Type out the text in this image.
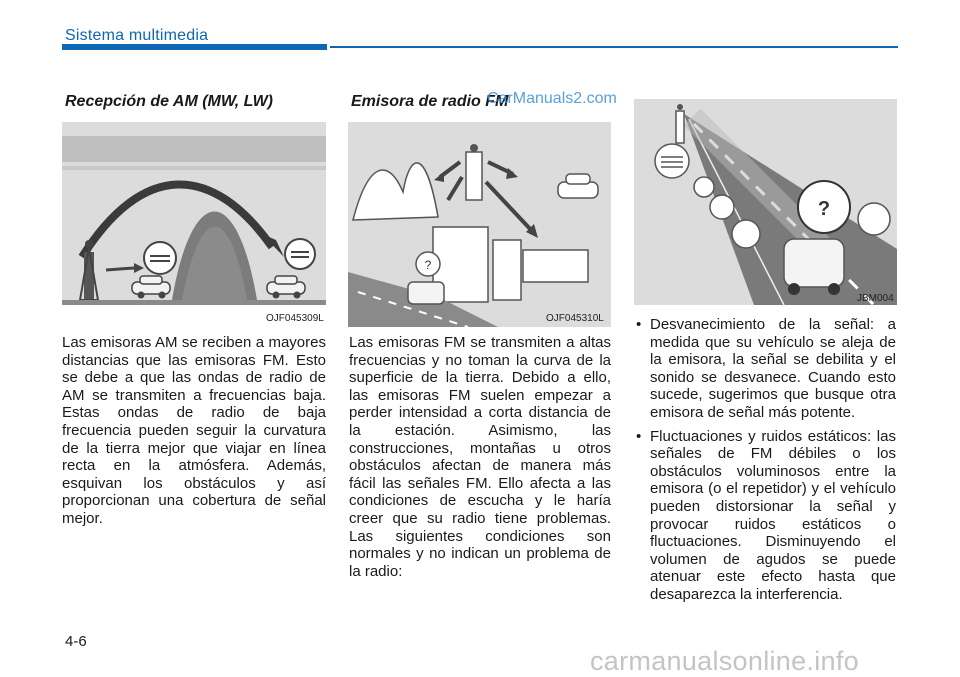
Sistema multimedia
Recepción de AM (MW, LW)
OJF045309L
Las emisoras AM se reciben a mayores distancias que las emisoras FM. Esto se debe a que las ondas de radio de AM se transmiten a frecuencias baja. Estas ondas de radio de baja frecuencia pueden seguir la curvatura de la tierra mejor que viajar en línea recta en la atmósfera. Además, esquivan los obstáculos y así proporcionan una cobertura de señal mejor.
Emisora de radio FM
CarManuals2.com
?
OJF045310L
Las emisoras FM se transmiten a altas frecuencias y no toman la curva de la superficie de la tierra. Debido a ello, las emisoras FM suelen empezar a perder intensidad a corta distancia de la estación. Asimismo, las construcciones, montañas u otros obstáculos afectan de manera más fácil las señales FM. Ello afecta a las condiciones de escucha y le haría creer que su radio tiene problemas. Las siguientes condiciones son normales y no indican un problema de la radio:
?
JBM004
• Desvanecimiento de la señal: a medida que su vehículo se aleja de la emisora, la señal se debilita y el sonido se desvanece. Cuando esto sucede, sugerimos que busque otra emisora de señal más potente.
• Fluctuaciones y ruidos estáticos: las señales de FM débiles o los obstáculos voluminosos entre la emisora (o el repetidor) y el vehículo pueden distorsionar la señal y provocar ruidos estáticos o fluctuaciones. Disminuyendo el volumen de agudos se puede atenuar este efecto hasta que desaparezca la interferencia.
4-6
carmanualsonline.info
